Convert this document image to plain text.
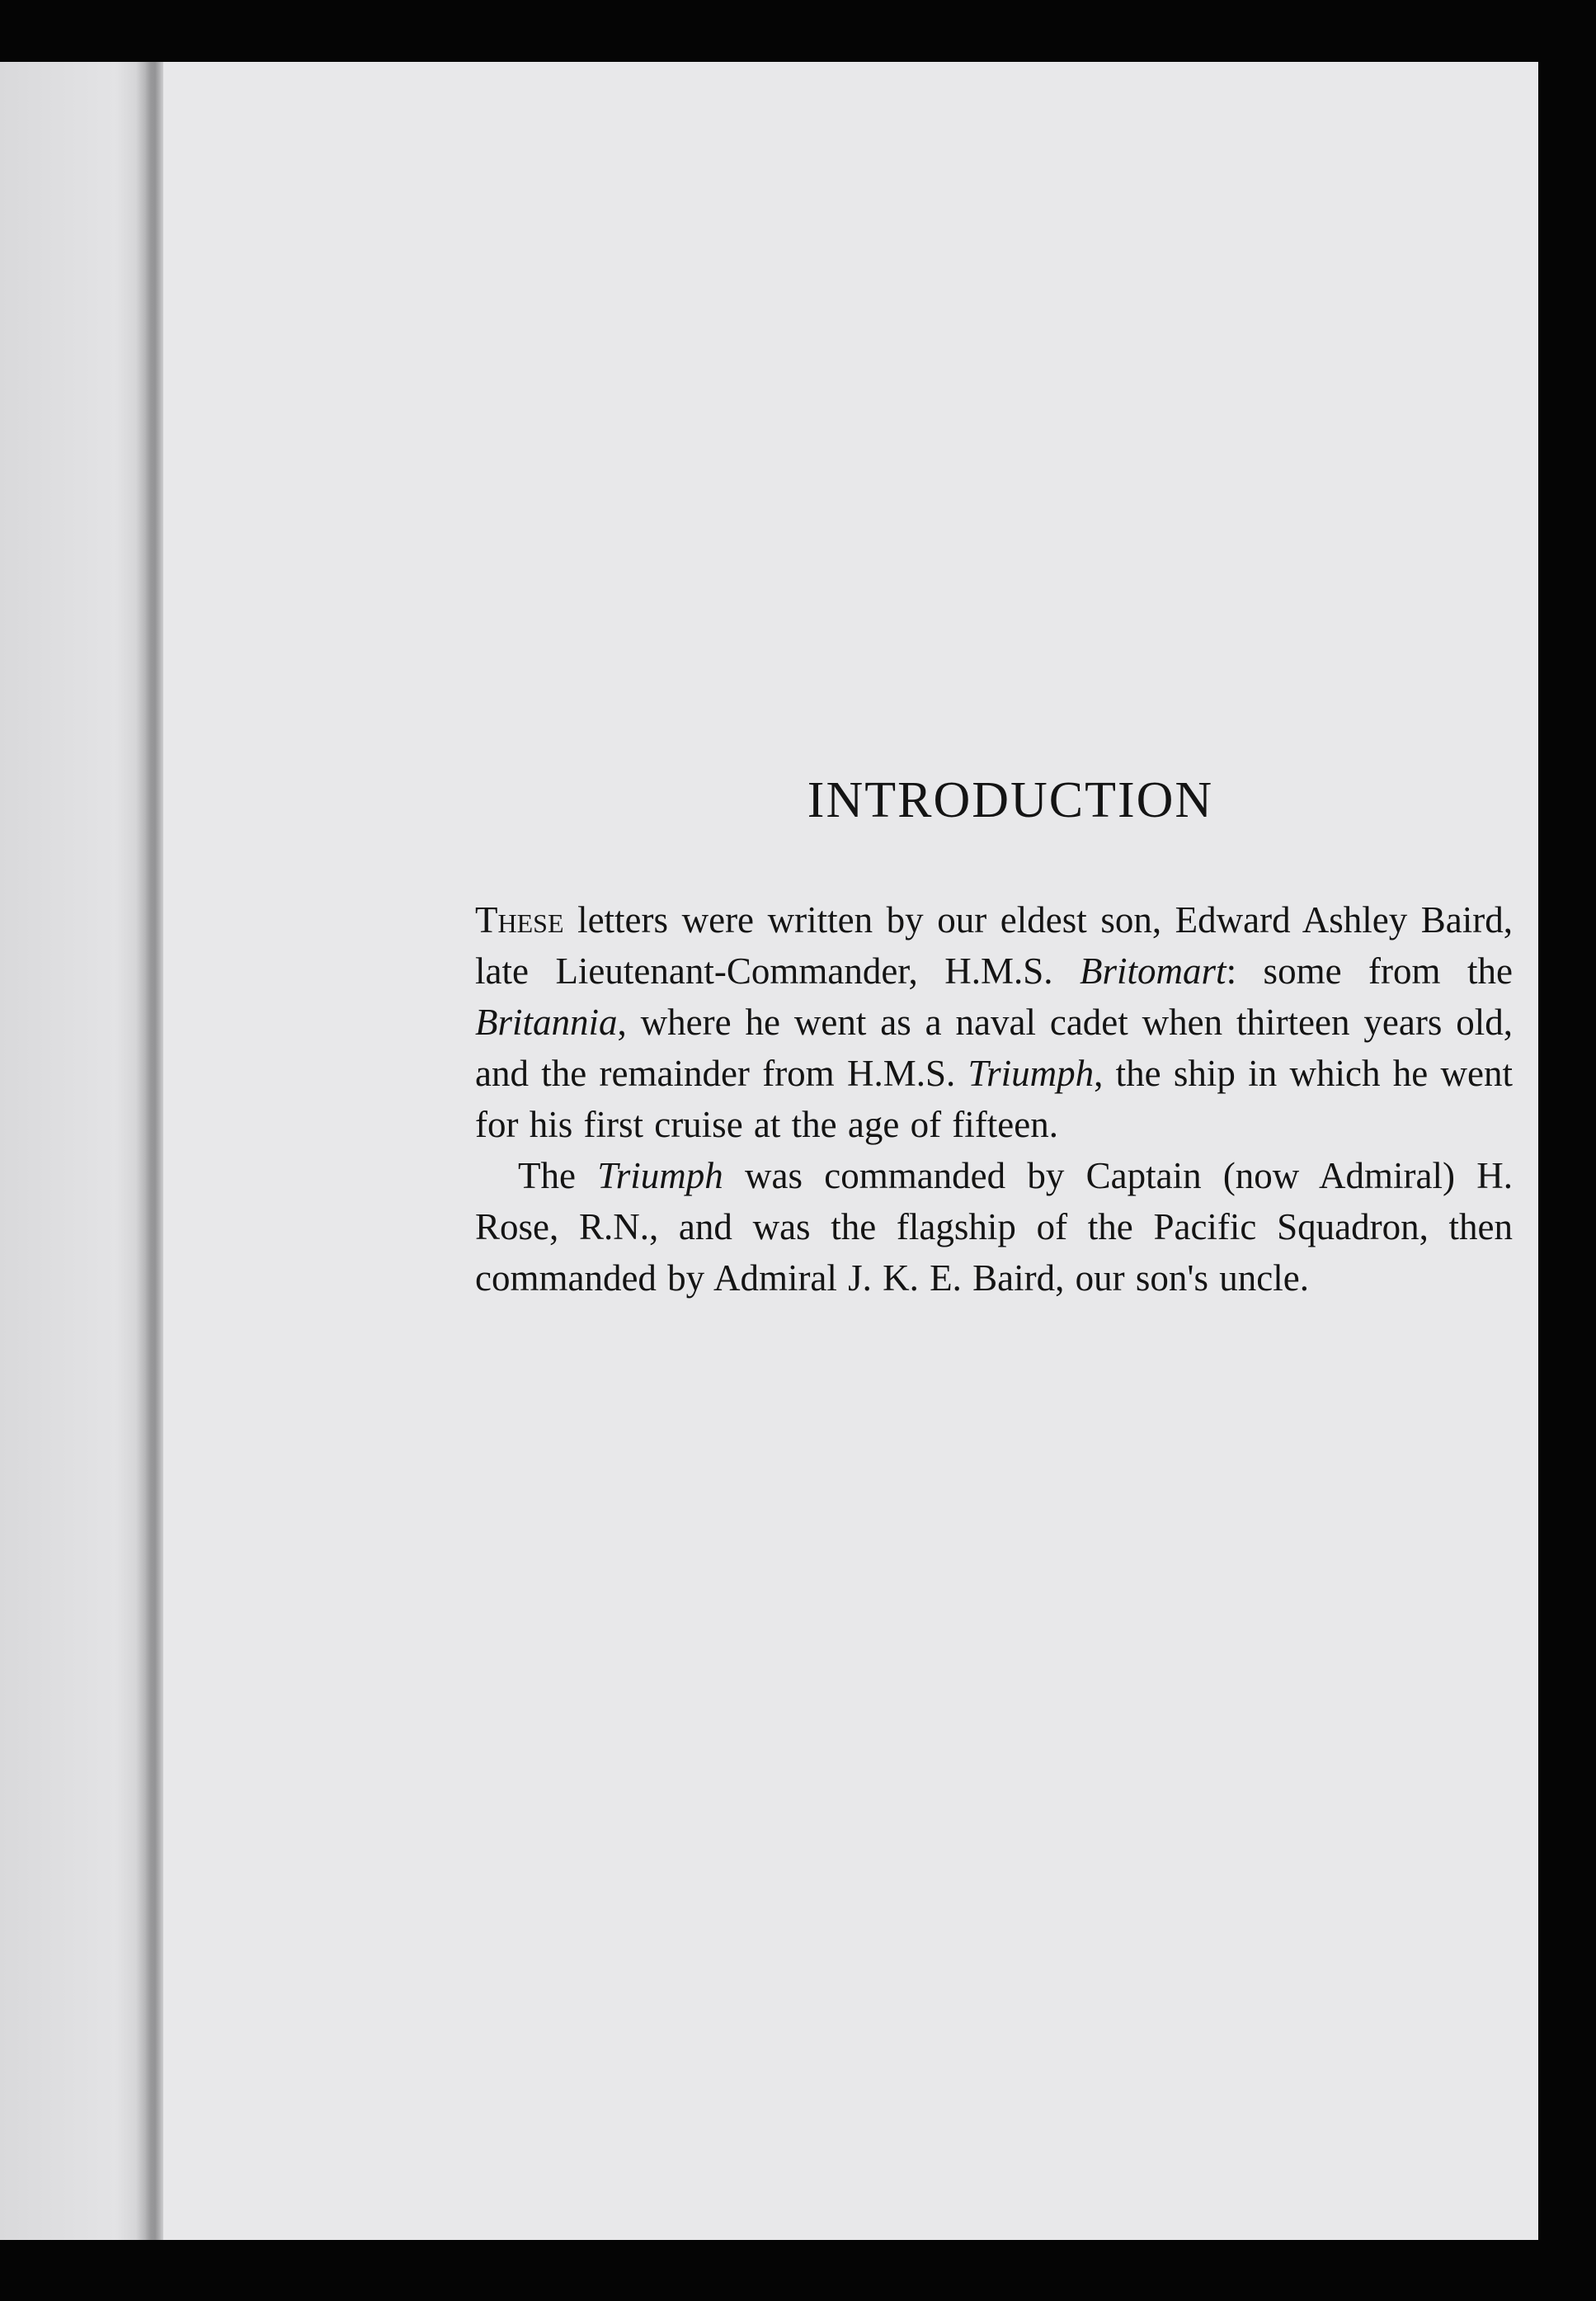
INTRODUCTION

These letters were written by our eldest son, Edward Ashley Baird, late Lieutenant-Commander, H.M.S. Britomart: some from the Britannia, where he went as a naval cadet when thirteen years old, and the remainder from H.M.S. Triumph, the ship in which he went for his first cruise at the age of fifteen.

The Triumph was commanded by Captain (now Admiral) H. Rose, R.N., and was the flagship of the Pacific Squadron, then commanded by Admiral J. K. E. Baird, our son's uncle.
